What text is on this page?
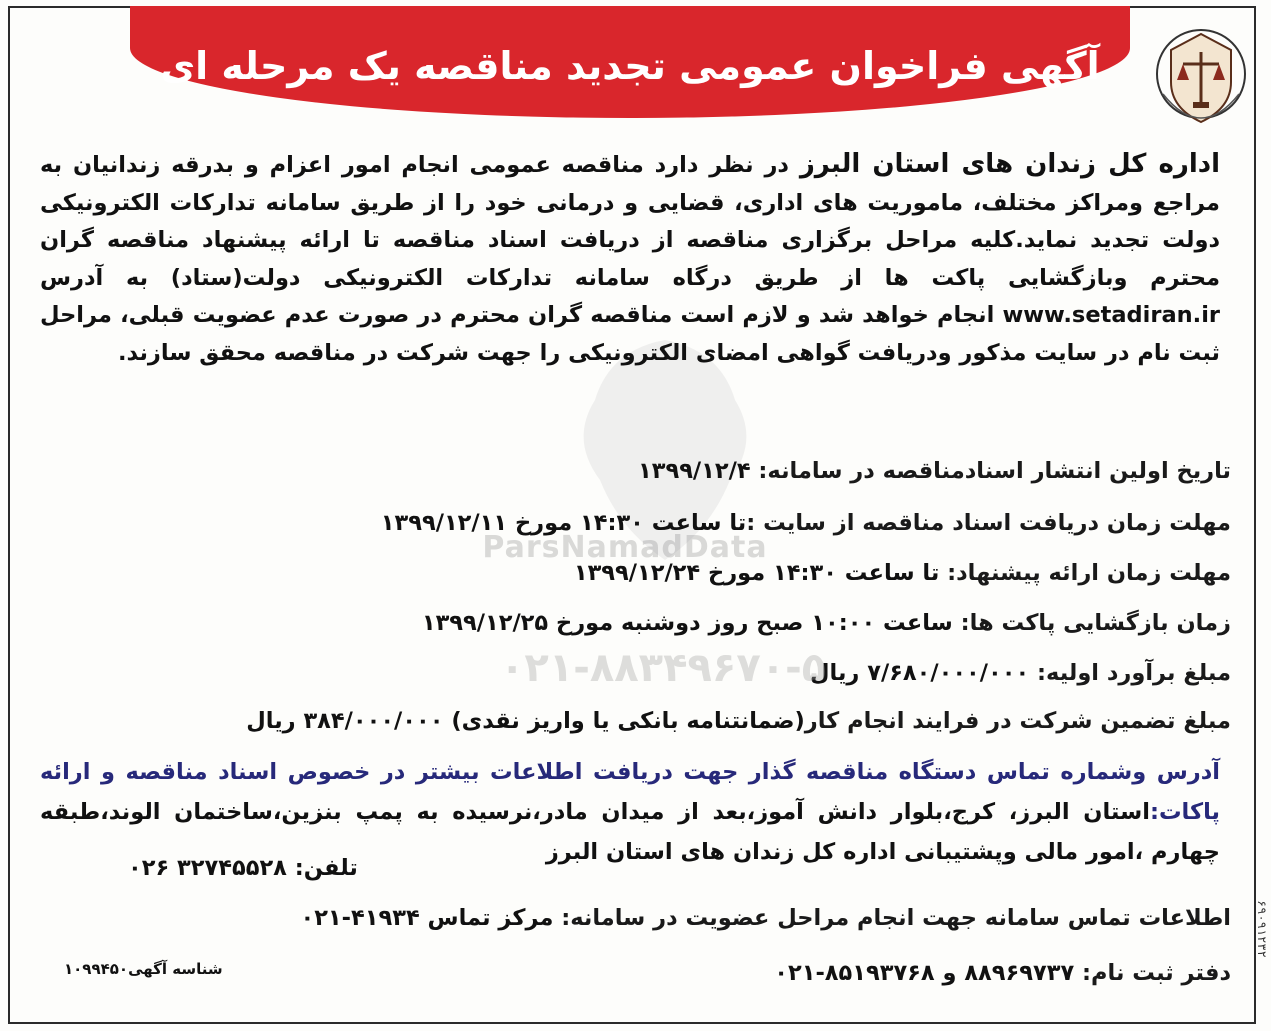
آگهی فراخوان عمومی تجدید مناقصه یک مرحله ای
اداره کل زندان های استان البرز در نظر دارد مناقصه عمومی انجام امور اعزام و بدرقه زندانیان به مراجع ومراکز مختلف، ماموریت های اداری، قضایی و درمانی خود را از طریق سامانه تدارکات الکترونیکی دولت تجدید نماید.کلیه مراحل برگزاری مناقصه از دریافت اسناد مناقصه تا ارائه پیشنهاد مناقصه گران محترم وبازگشایی پاکت ها از طریق درگاه سامانه تدارکات الکترونیکی دولت(ستاد) به آدرس www.setadiran.ir انجام خواهد شد و لازم است مناقصه گران محترم در صورت عدم عضویت قبلی، مراحل ثبت نام در سایت مذکور ودریافت گواهی امضای الکترونیکی را جهت شرکت در مناقصه محقق سازند.
تاریخ اولین انتشار اسنادمناقصه در سامانه: ۱۳۹۹/۱۲/۴
مهلت زمان دریافت اسناد مناقصه از سایت :تا ساعت ۱۴:۳۰ مورخ ۱۳۹۹/۱۲/۱۱
مهلت زمان ارائه پیشنهاد: تا ساعت ۱۴:۳۰ مورخ ۱۳۹۹/۱۲/۲۴
زمان بازگشایی پاکت ها: ساعت ۱۰:۰۰ صبح روز دوشنبه مورخ ۱۳۹۹/۱۲/۲۵
مبلغ برآورد اولیه: ۷/۶۸۰/۰۰۰/۰۰۰ ریال
مبلغ تضمین شرکت در فرایند انجام کار(ضمانتنامه بانکی یا واریز نقدی) ۳۸۴/۰۰۰/۰۰۰ ریال
آدرس وشماره تماس دستگاه مناقصه گذار جهت دریافت اطلاعات بیشتر در خصوص اسناد مناقصه و ارائه پاکات:استان البرز، کرج،بلوار دانش آموز،بعد از میدان مادر،نرسیده به پمپ بنزین،ساختمان الوند،طبقه چهارم ،امور مالی وپشتیبانی اداره کل زندان های استان البرز
تلفن: ۳۲۷۴۵۵۲۸ ۰۲۶
اطلاعات تماس سامانه جهت انجام مراحل عضویت در سامانه: مرکز تماس ۴۱۹۳۴-۰۲۱
دفتر ثبت نام: ۸۸۹۶۹۷۳۷ و ۸۵۱۹۳۷۶۸-۰۲۱
شناسه آگهی۱۰۹۹۴۵۰
ParsNamadData
۰۲۱-۸۸۳۴۹۶۷۰-۵
۶۹۰۹۱۲۳۲
